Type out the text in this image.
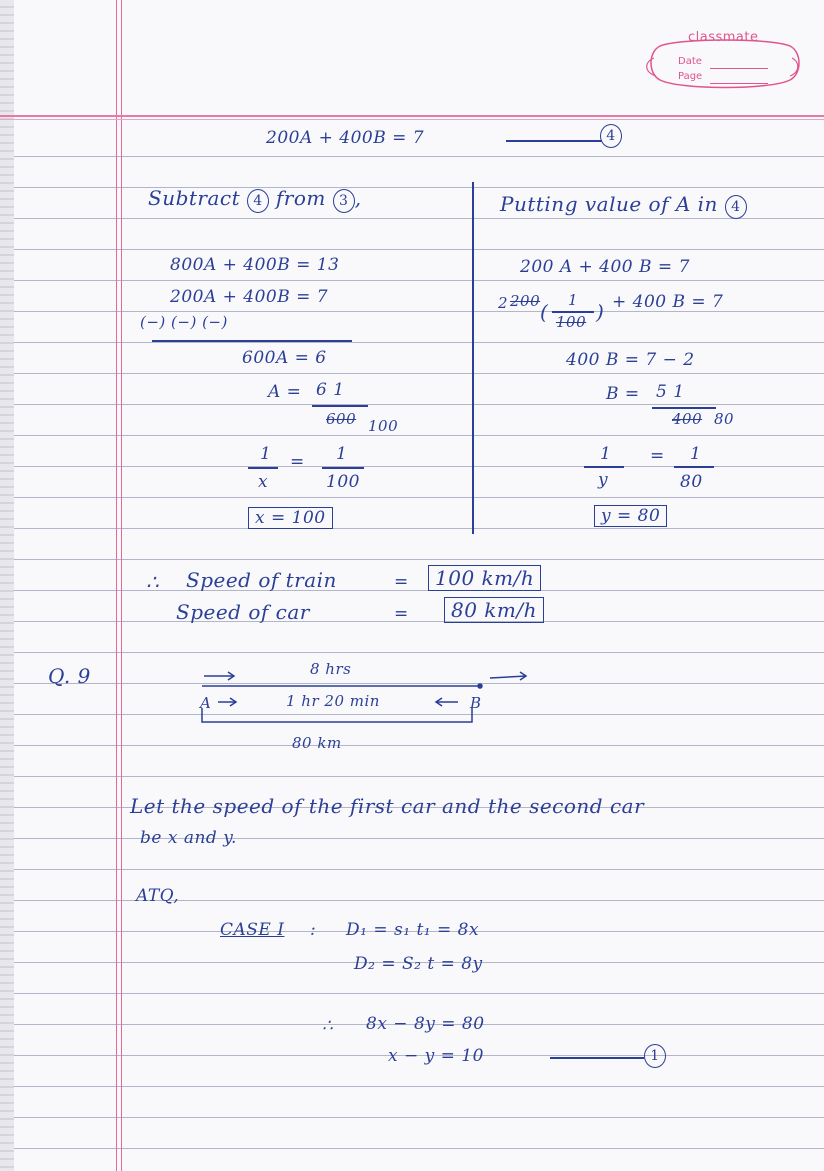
classmate
Date
Page
200A + 400B = 7	4
Subtract 4 from 3 ,
800A + 400B = 13
200A + 400B = 7
(−) (−) (−)
600A = 6
A = 6 1
600 100
1 = 1
x	100
x = 100
Putting value of A in 4
200 A + 400 B = 7
2 200 ( 1
100 ) + 400 B = 7
400 B = 7 − 2
B = 5 1
400 80
1 = 1
y	80
y = 80
∴ Speed of train	=	100 km/h
Speed of car	=	80 km/h
Q. 9	8 hrs
A	1 hr 20 min	B
80 km
Let the speed of the first car and the second car
be x and y.
ATQ,
CASE I : D₁ = s₁ t₁ = 8x
D₂ = S₂ t = 8y
∴ 8x − 8y = 80
x − y = 10	1
